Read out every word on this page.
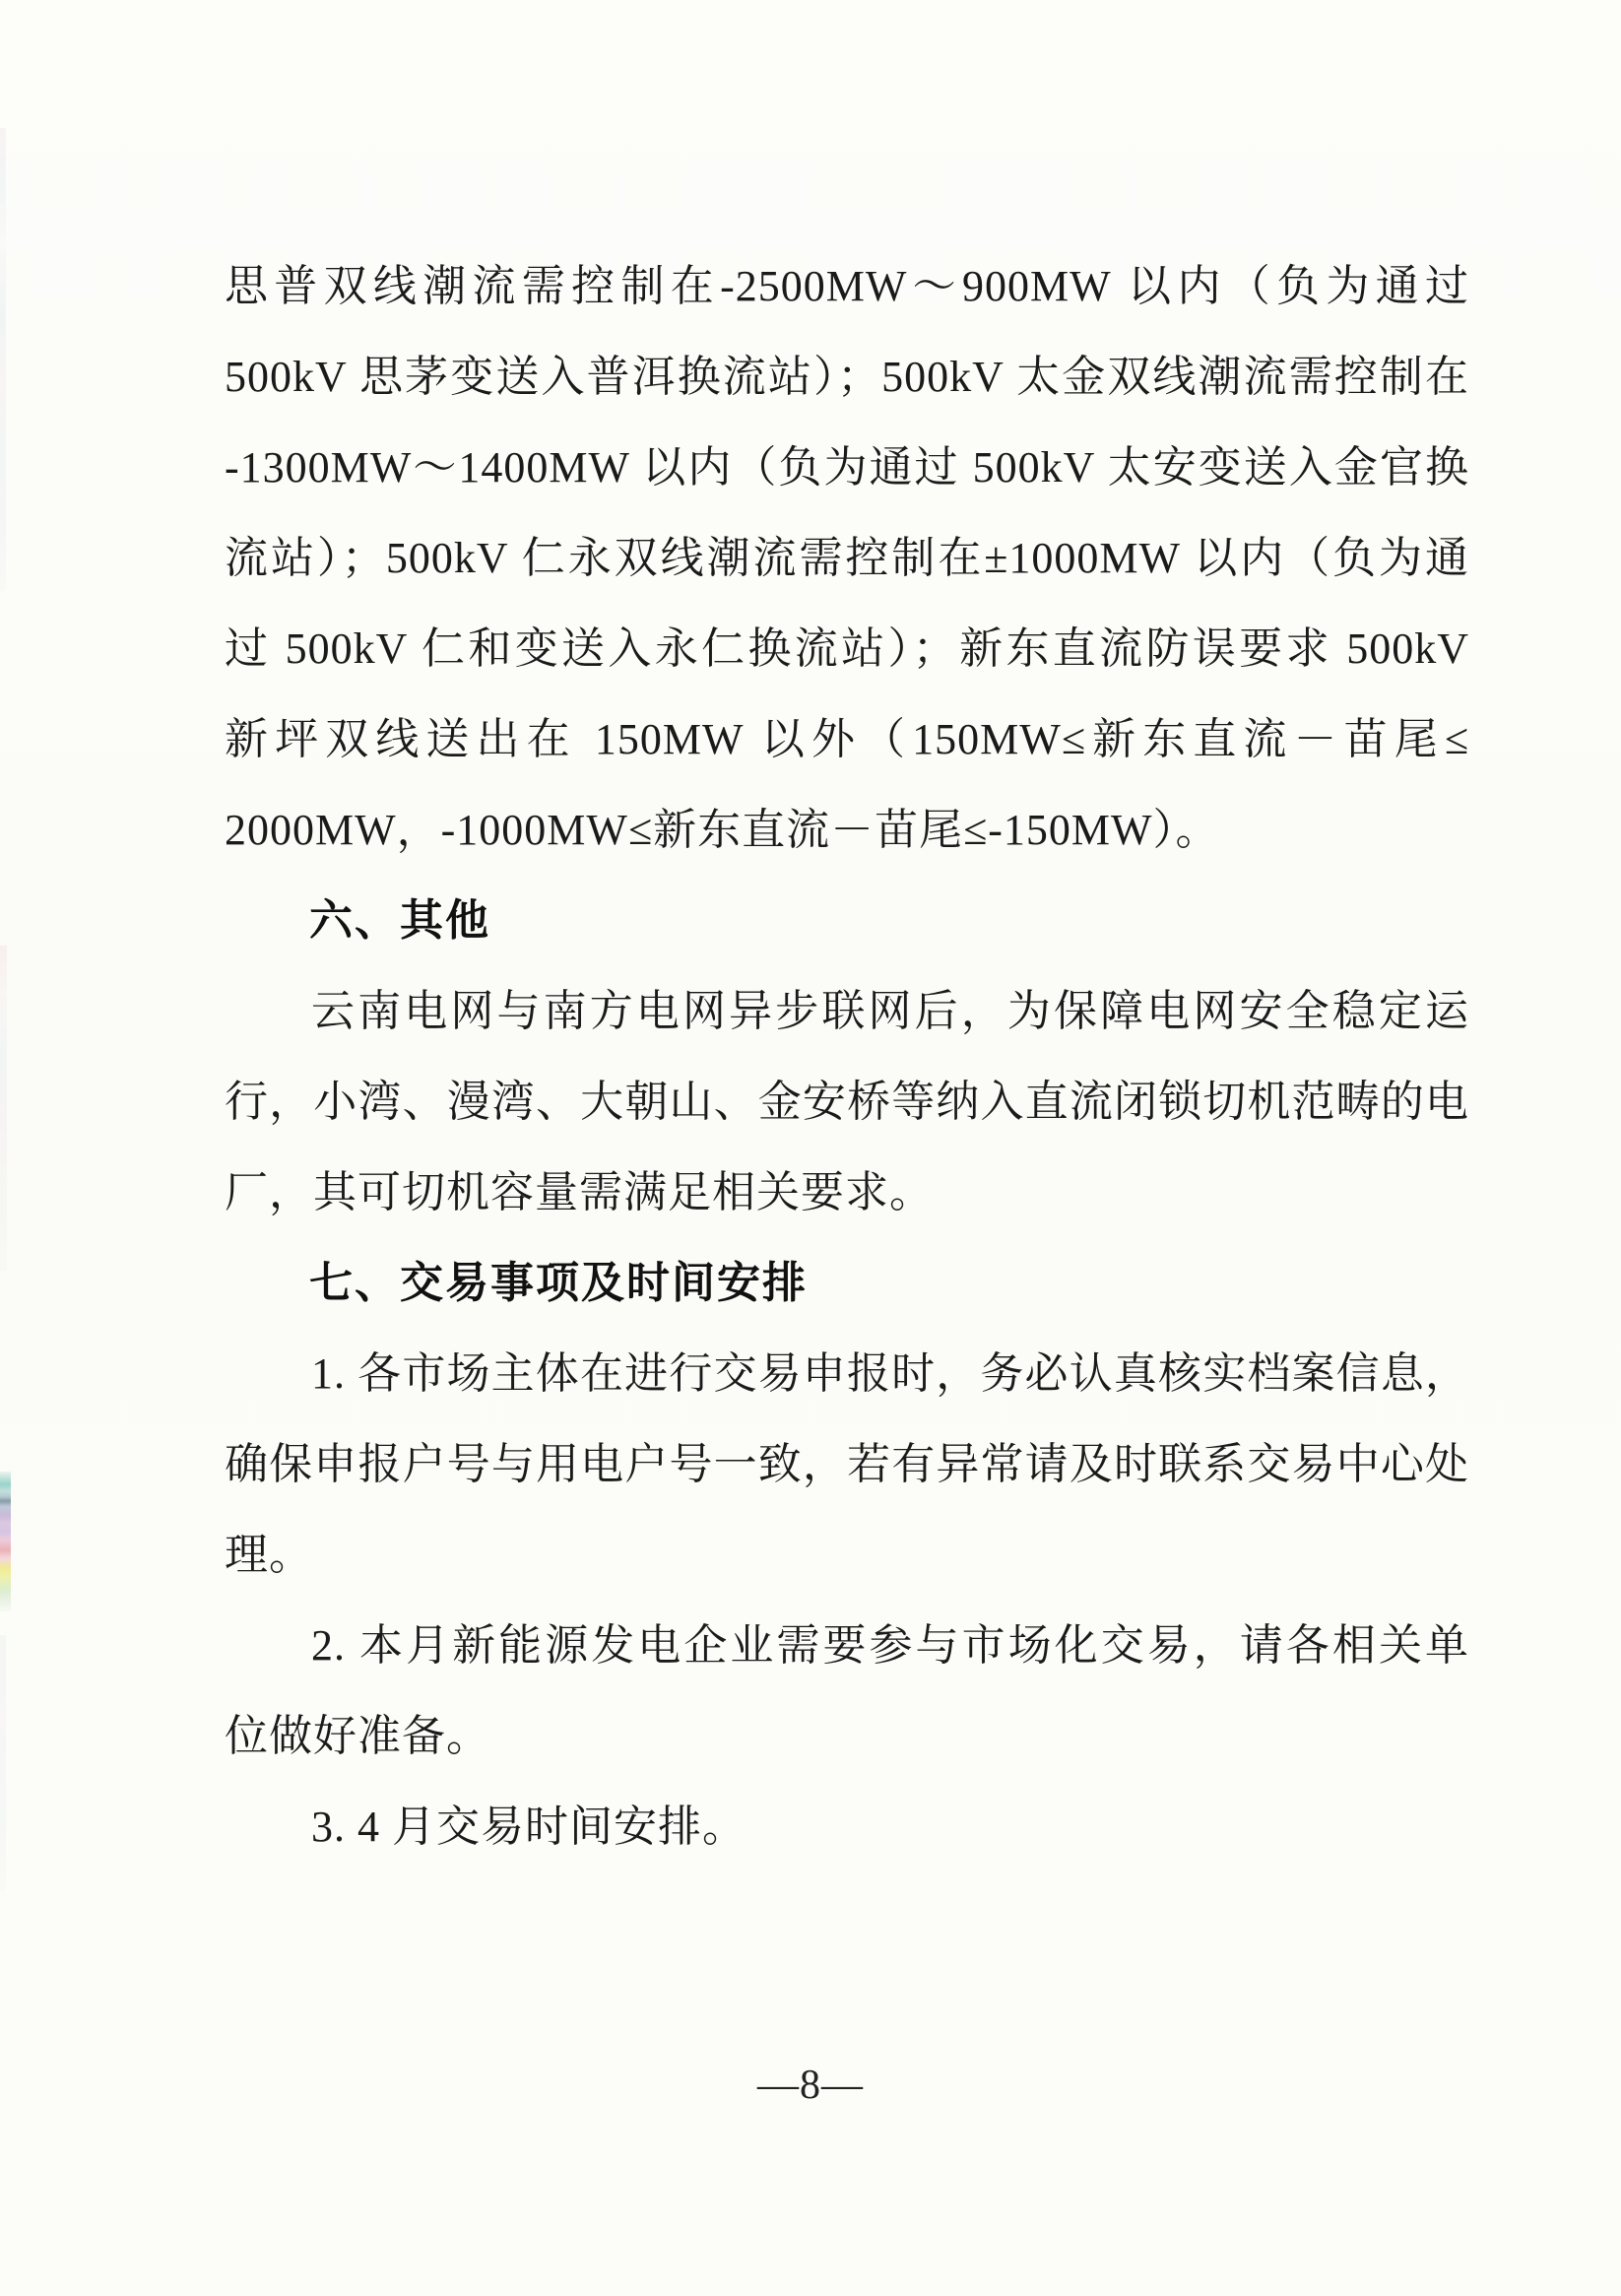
思普双线潮流需控制在-2500MW～900MW 以内（负为通过
500kV 思茅变送入普洱换流站）；500kV 太金双线潮流需控制在
-1300MW～1400MW 以内（负为通过 500kV 太安变送入金官换
流站）；500kV 仁永双线潮流需控制在±1000MW 以内（负为通
过 500kV 仁和变送入永仁换流站）；新东直流防误要求 500kV
新坪双线送出在 150MW 以外（150MW≤新东直流－苗尾≤
2000MW，-1000MW≤新东直流－苗尾≤-150MW）。
六、其他
云南电网与南方电网异步联网后，为保障电网安全稳定运
行，小湾、漫湾、大朝山、金安桥等纳入直流闭锁切机范畴的电
厂，其可切机容量需满足相关要求。
七、交易事项及时间安排
1. 各市场主体在进行交易申报时，务必认真核实档案信息，
确保申报户号与用电户号一致，若有异常请及时联系交易中心处
理。
2. 本月新能源发电企业需要参与市场化交易，请各相关单
位做好准备。
3. 4 月交易时间安排。
—8—
